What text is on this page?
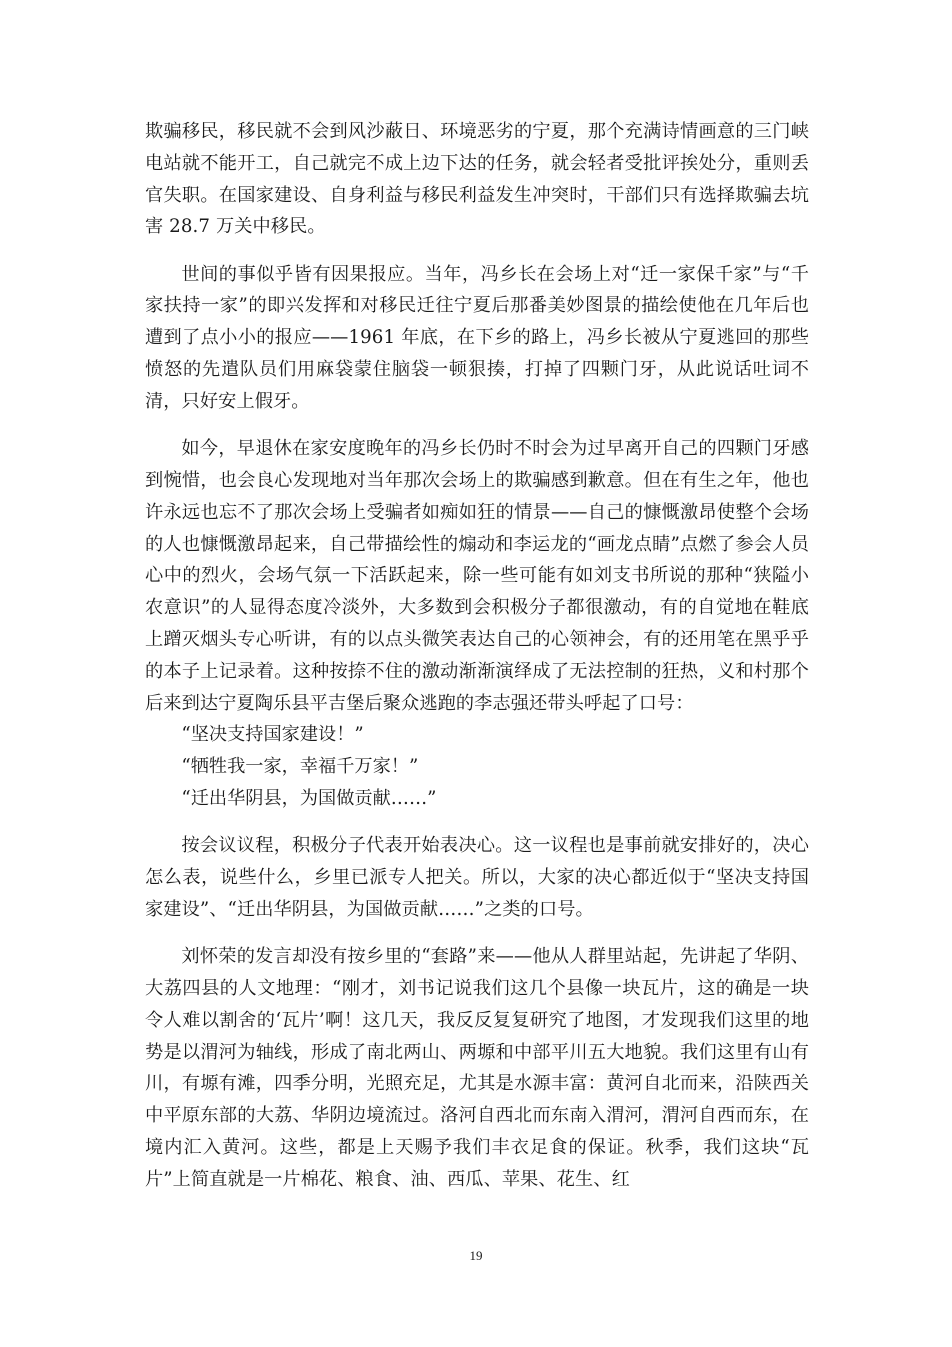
欺骗移民，移民就不会到风沙蔽日、环境恶劣的宁夏，那个充满诗情画意的三门峡电站就不能开工，自己就完不成上边下达的任务，就会轻者受批评挨处分，重则丢官失职。在国家建设、自身利益与移民利益发生冲突时，干部们只有选择欺骗去坑害 28.7 万关中移民。

世间的事似乎皆有因果报应。当年，冯乡长在会场上对“迁一家保千家”与“千家扶持一家”的即兴发挥和对移民迁往宁夏后那番美妙图景的描绘使他在几年后也遭到了点小小的报应——1961 年底，在下乡的路上，冯乡长被从宁夏逃回的那些愤怒的先遣队员们用麻袋蒙住脑袋一顿狠揍，打掉了四颗门牙，从此说话吐词不清，只好安上假牙。

如今，早退休在家安度晚年的冯乡长仍时不时会为过早离开自己的四颗门牙感到惋惜，也会良心发现地对当年那次会场上的欺骗感到歉意。但在有生之年，他也许永远也忘不了那次会场上受骗者如痴如狂的情景——自己的慷慨激昂使整个会场的人也慷慨激昂起来，自己带描绘性的煽动和李运龙的“画龙点睛”点燃了参会人员心中的烈火，会场气氛一下活跃起来，除一些可能有如刘支书所说的那种“狭隘小农意识”的人显得态度冷淡外，大多数到会积极分子都很激动，有的自觉地在鞋底上蹭灭烟头专心听讲，有的以点头微笑表达自己的心领神会，有的还用笔在黑乎乎的本子上记录着。这种按捺不住的激动渐渐演绎成了无法控制的狂热，义和村那个后来到达宁夏陶乐县平吉堡后聚众逃跑的李志强还带头呼起了口号：

“坚决支持国家建设！”

“牺牲我一家，幸福千万家！”

“迁出华阴县，为国做贡献……”

按会议议程，积极分子代表开始表决心。这一议程也是事前就安排好的，决心怎么表，说些什么，乡里已派专人把关。所以，大家的决心都近似于“坚决支持国家建设”、“迁出华阴县，为国做贡献……”之类的口号。

刘怀荣的发言却没有按乡里的“套路”来——他从人群里站起，先讲起了华阴、大荔四县的人文地理：“刚才，刘书记说我们这几个县像一块瓦片，这的确是一块令人难以割舍的‘瓦片’啊！这几天，我反反复复研究了地图，才发现我们这里的地势是以渭河为轴线，形成了南北两山、两塬和中部平川五大地貌。我们这里有山有川，有塬有滩，四季分明，光照充足，尤其是水源丰富：黄河自北而来，沿陕西关中平原东部的大荔、华阴边境流过。洛河自西北而东南入渭河，渭河自西而东，在境内汇入黄河。这些，都是上天赐予我们丰衣足食的保证。秋季，我们这块“瓦片”上简直就是一片棉花、粮食、油、西瓜、苹果、花生、红

19
